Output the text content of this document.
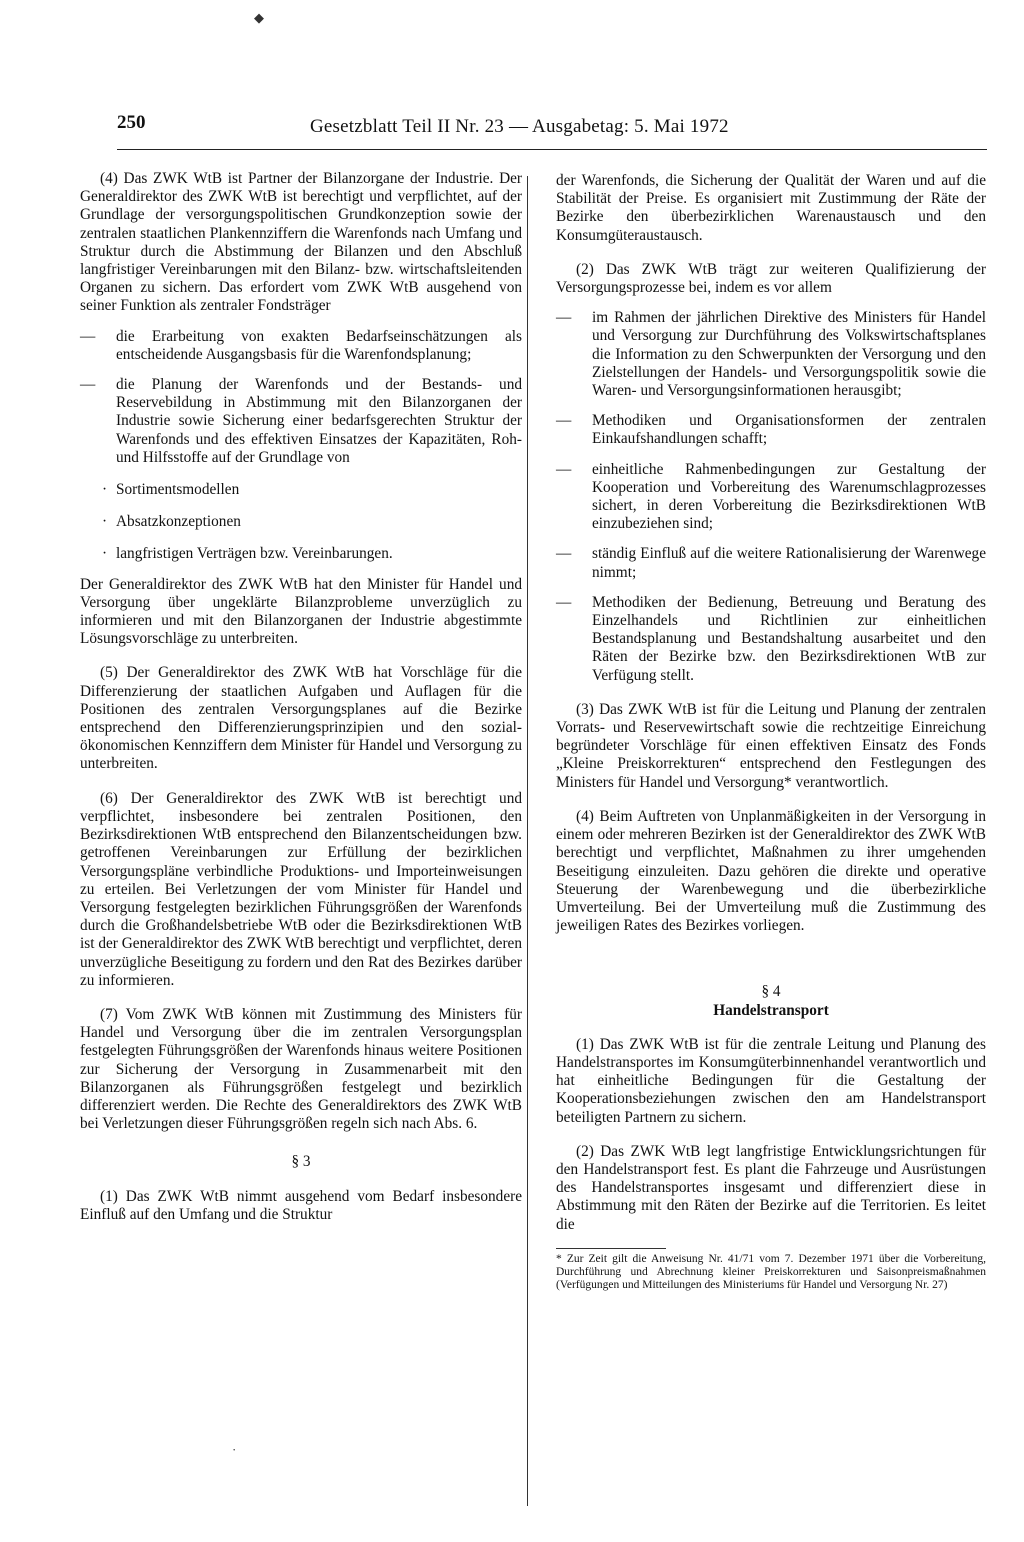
◆
250	Gesetzblatt Teil II Nr. 23 — Ausgabetag: 5. Mai 1972

(4) Das ZWK WtB ist Partner der Bilanzorgane der Industrie. Der Generaldirektor des ZWK WtB ist berechtigt und verpflichtet, auf der Grundlage der versorgungspolitischen Grundkonzeption sowie der zentralen staatlichen Plankennziffern die Warenfonds nach Umfang und Struktur durch die Abstimmung der Bilanzen und den Abschluß langfristiger Vereinbarungen mit den Bilanz- bzw. wirtschaftsleitenden Organen zu sichern. Das erfordert vom ZWK WtB ausgehend von seiner Funktion als zentraler Fondsträger

— die Erarbeitung von exakten Bedarfseinschätzungen als entscheidende Ausgangsbasis für die Warenfondsplanung;

— die Planung der Warenfonds und der Bestands- und Reservebildung in Abstimmung mit den Bilanzorganen der Industrie sowie Sicherung einer bedarfsgerechten Struktur der Warenfonds und des effektiven Einsatzes der Kapazitäten, Roh- und Hilfsstoffe auf der Grundlage von

· Sortimentsmodellen
· Absatzkonzeptionen
· langfristigen Verträgen bzw. Vereinbarungen.

Der Generaldirektor des ZWK WtB hat den Minister für Handel und Versorgung über ungeklärte Bilanzprobleme unverzüglich zu informieren und mit den Bilanzorganen der Industrie abgestimmte Lösungsvorschläge zu unterbreiten.

(5) Der Generaldirektor des ZWK WtB hat Vorschläge für die Differenzierung der staatlichen Aufgaben und Auflagen für die Positionen des zentralen Versorgungsplanes auf die Bezirke entsprechend den Differenzierungsprinzipien und den sozial-ökonomischen Kennziffern dem Minister für Handel und Versorgung zu unterbreiten.

(6) Der Generaldirektor des ZWK WtB ist berechtigt und verpflichtet, insbesondere bei zentralen Positionen, den Bezirksdirektionen WtB entsprechend den Bilanzentscheidungen bzw. getroffenen Vereinbarungen zur Erfüllung der bezirklichen Versorgungspläne verbindliche Produktions- und Importeinweisungen zu erteilen. Bei Verletzungen der vom Minister für Handel und Versorgung festgelegten bezirklichen Führungsgrößen der Warenfonds durch die Großhandelsbetriebe WtB oder die Bezirksdirektionen WtB ist der Generaldirektor des ZWK WtB berechtigt und verpflichtet, deren unverzügliche Beseitigung zu fordern und den Rat des Bezirkes darüber zu informieren.

(7) Vom ZWK WtB können mit Zustimmung des Ministers für Handel und Versorgung über die im zentralen Versorgungsplan festgelegten Führungsgrößen der Warenfonds hinaus weitere Positionen zur Sicherung der Versorgung in Zusammenarbeit mit den Bilanzorganen als Führungsgrößen festgelegt und bezirklich differenziert werden. Die Rechte des Generaldirektors des ZWK WtB bei Verletzungen dieser Führungsgrößen regeln sich nach Abs. 6.

§ 3

(1) Das ZWK WtB nimmt ausgehend vom Bedarf insbesondere Einfluß auf den Umfang und die Struktur

der Warenfonds, die Sicherung der Qualität der Waren und auf die Stabilität der Preise. Es organisiert mit Zustimmung der Räte der Bezirke den überbezirklichen Warenaustausch und den Konsumgüteraustausch.

(2) Das ZWK WtB trägt zur weiteren Qualifizierung der Versorgungsprozesse bei, indem es vor allem

— im Rahmen der jährlichen Direktive des Ministers für Handel und Versorgung zur Durchführung des Volkswirtschaftsplanes die Information zu den Schwerpunkten der Versorgung und den Zielstellungen der Handels- und Versorgungspolitik sowie die Waren- und Versorgungsinformationen herausgibt;

— Methodiken und Organisationsformen der zentralen Einkaufshandlungen schafft;

— einheitliche Rahmenbedingungen zur Gestaltung der Kooperation und Vorbereitung des Warenumschlagprozesses sichert, in deren Vorbereitung die Bezirksdirektionen WtB einzubeziehen sind;

— ständig Einfluß auf die weitere Rationalisierung der Warenwege nimmt;

— Methodiken der Bedienung, Betreuung und Beratung des Einzelhandels und Richtlinien zur einheitlichen Bestandsplanung und Bestandshaltung ausarbeitet und den Räten der Bezirke bzw. den Bezirksdirektionen WtB zur Verfügung stellt.

(3) Das ZWK WtB ist für die Leitung und Planung der zentralen Vorrats- und Reservewirtschaft sowie die rechtzeitige Einreichung begründeter Vorschläge für einen effektiven Einsatz des Fonds „Kleine Preiskorrekturen“ entsprechend den Festlegungen des Ministers für Handel und Versorgung* verantwortlich.

(4) Beim Auftreten von Unplanmäßigkeiten in der Versorgung in einem oder mehreren Bezirken ist der Generaldirektor des ZWK WtB berechtigt und verpflichtet, Maßnahmen zu ihrer umgehenden Beseitigung einzuleiten. Dazu gehören die direkte und operative Steuerung der Warenbewegung und die überbezirkliche Umverteilung. Bei der Umverteilung muß die Zustimmung des jeweiligen Rates des Bezirkes vorliegen.

§ 4

Handelstransport

(1) Das ZWK WtB ist für die zentrale Leitung und Planung des Handelstransportes im Konsumgüterbinnenhandel verantwortlich und hat einheitliche Bedingungen für die Gestaltung der Kooperationsbeziehungen zwischen den am Handelstransport beteiligten Partnern zu sichern.

(2) Das ZWK WtB legt langfristige Entwicklungsrichtungen für den Handelstransport fest. Es plant die Fahrzeuge und Ausrüstungen des Handelstransportes insgesamt und differenziert diese in Abstimmung mit den Räten der Bezirke auf die Territorien. Es leitet die

* Zur Zeit gilt die Anweisung Nr. 41/71 vom 7. Dezember 1971 über die Vorbereitung, Durchführung und Abrechnung kleiner Preiskorrekturen und Saisonpreismaßnahmen (Verfügungen und Mitteilungen des Ministeriums für Handel und Versorgung Nr. 27)

·
